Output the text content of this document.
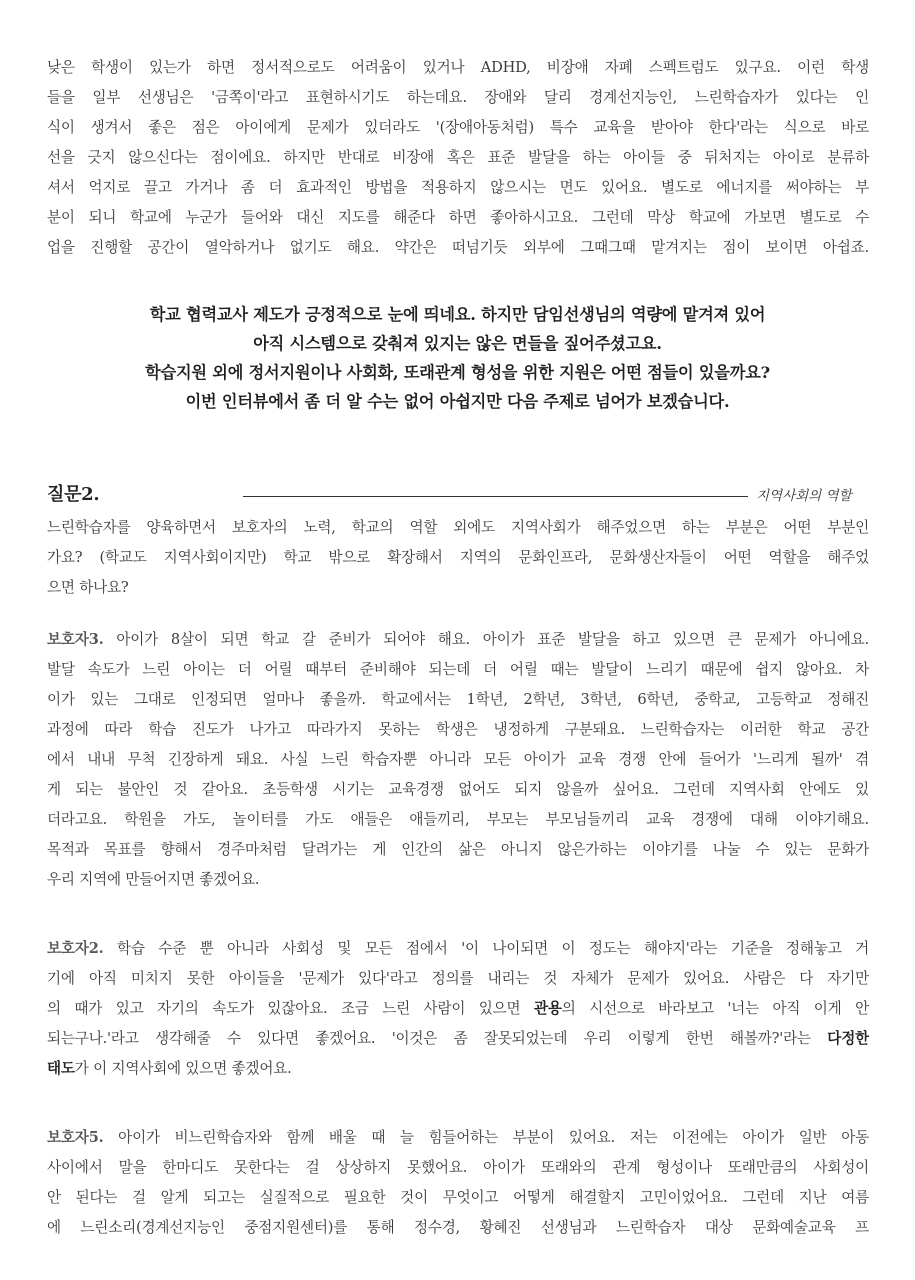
낮은 학생이 있는가 하면 정서적으로도 어려움이 있거나 ADHD, 비장애 자폐 스펙트럼도 있구요. 이런 학생
들을 일부 선생님은 '금쪽이'라고 표현하시기도 하는데요. 장애와 달리 경계선지능인, 느린학습자가 있다는 인
식이 생겨서 좋은 점은 아이에게 문제가 있더라도 '(장애아동처럼) 특수 교육을 받아야 한다'라는 식으로 바로
선을 긋지 않으신다는 점이에요. 하지만 반대로 비장애 혹은 표준 발달을 하는 아이들 중 뒤처지는 아이로 분류하
셔서 억지로 끌고 가거나 좀 더 효과적인 방법을 적용하지 않으시는 면도 있어요. 별도로 에너지를 써야하는 부
분이 되니 학교에 누군가 들어와 대신 지도를 해준다 하면 좋아하시고요. 그런데 막상 학교에 가보면 별도로 수
업을 진행할 공간이 열악하거나 없기도 해요. 약간은 떠넘기듯 외부에 그때그때 맡겨지는 점이 보이면 아쉽죠.
학교 협력교사 제도가 긍정적으로 눈에 띄네요. 하지만 담임선생님의 역량에 맡겨져 있어
아직 시스템으로 갖춰져 있지는 않은 면들을 짚어주셨고요.
학습지원 외에 정서지원이나 사회화, 또래관계 형성을 위한 지원은 어떤 점들이 있을까요?
이번 인터뷰에서 좀 더 알 수는 없어 아쉽지만 다음 주제로 넘어가 보겠습니다.
질문2.	지역사회의 역할
느린학습자를 양육하면서 보호자의 노력, 학교의 역할 외에도 지역사회가 해주었으면 하는 부분은 어떤 부분인
가요? (학교도 지역사회이지만) 학교 밖으로 확장해서 지역의 문화인프라, 문화생산자들이 어떤 역할을 해주었
으면 하나요?
보호자3. 아이가 8살이 되면 학교 갈 준비가 되어야 해요. 아이가 표준 발달을 하고 있으면 큰 문제가 아니에요.
발달 속도가 느린 아이는 더 어릴 때부터 준비해야 되는데 더 어릴 때는 발달이 느리기 때문에 쉽지 않아요. 차
이가 있는 그대로 인정되면 얼마나 좋을까. 학교에서는 1학년, 2학년, 3학년, 6학년, 중학교, 고등학교 정해진
과정에 따라 학습 진도가 나가고 따라가지 못하는 학생은 냉정하게 구분돼요. 느린학습자는 이러한 학교 공간
에서 내내 무척 긴장하게 돼요. 사실 느린 학습자뿐 아니라 모든 아이가 교육 경쟁 안에 들어가 '느리게 될까' 겪
게 되는 불안인 것 같아요. 초등학생 시기는 교육경쟁 없어도 되지 않을까 싶어요. 그런데 지역사회 안에도 있
더라고요. 학원을 가도, 놀이터를 가도 애들은 애들끼리, 부모는 부모님들끼리 교육 경쟁에 대해 이야기해요.
목적과 목표를 향해서 경주마처럼 달려가는 게 인간의 삶은 아니지 않은가하는 이야기를 나눌 수 있는 문화가
우리 지역에 만들어지면 좋겠어요.
보호자2. 학습 수준 뿐 아니라 사회성 및 모든 점에서 '이 나이되면 이 정도는 해야지'라는 기준을 정해놓고 거
기에 아직 미치지 못한 아이들을 '문제가 있다'라고 정의를 내리는 것 자체가 문제가 있어요. 사람은 다 자기만
의 때가 있고 자기의 속도가 있잖아요. 조금 느린 사람이 있으면 관용의 시선으로 바라보고 '너는 아직 이게 안
되는구나.'라고 생각해줄 수 있다면 좋겠어요. '이것은 좀 잘못되었는데 우리 이렇게 한번 해볼까?'라는 다정한
태도가 이 지역사회에 있으면 좋겠어요.
보호자5. 아이가 비느린학습자와 함께 배울 때 늘 힘들어하는 부분이 있어요. 저는 이전에는 아이가 일반 아동
사이에서 말을 한마디도 못한다는 걸 상상하지 못했어요. 아이가 또래와의 관계 형성이나 또래만큼의 사회성이
안 된다는 걸 알게 되고는 실질적으로 필요한 것이 무엇이고 어떻게 해결할지 고민이었어요. 그런데 지난 여름
에 느린소리(경계선지능인 중점지원센터)를 통해 정수경, 황혜진 선생님과 느린학습자 대상 문화예술교육 프
